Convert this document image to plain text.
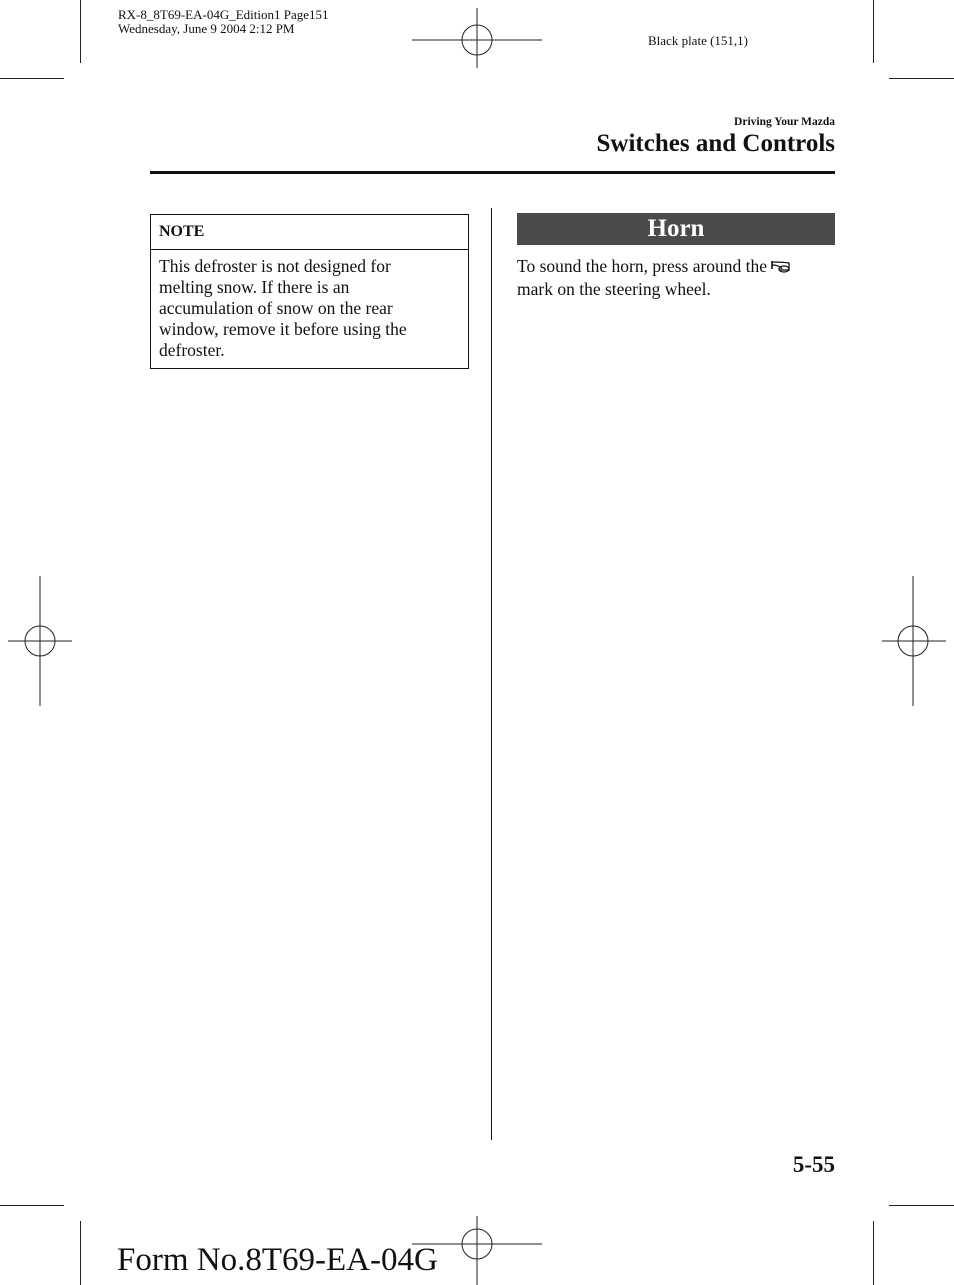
RX-8_8T69-EA-04G_Edition1 Page151
Wednesday, June 9 2004 2:12 PM
Black plate (151,1)
Driving Your Mazda
Switches and Controls
NOTE
This defroster is not designed for
melting snow. If there is an
accumulation of snow on the rear
window, remove it before using the
defroster.
Horn
To sound the horn, press around the
mark on the steering wheel.
5-55
Form No.8T69-EA-04G
